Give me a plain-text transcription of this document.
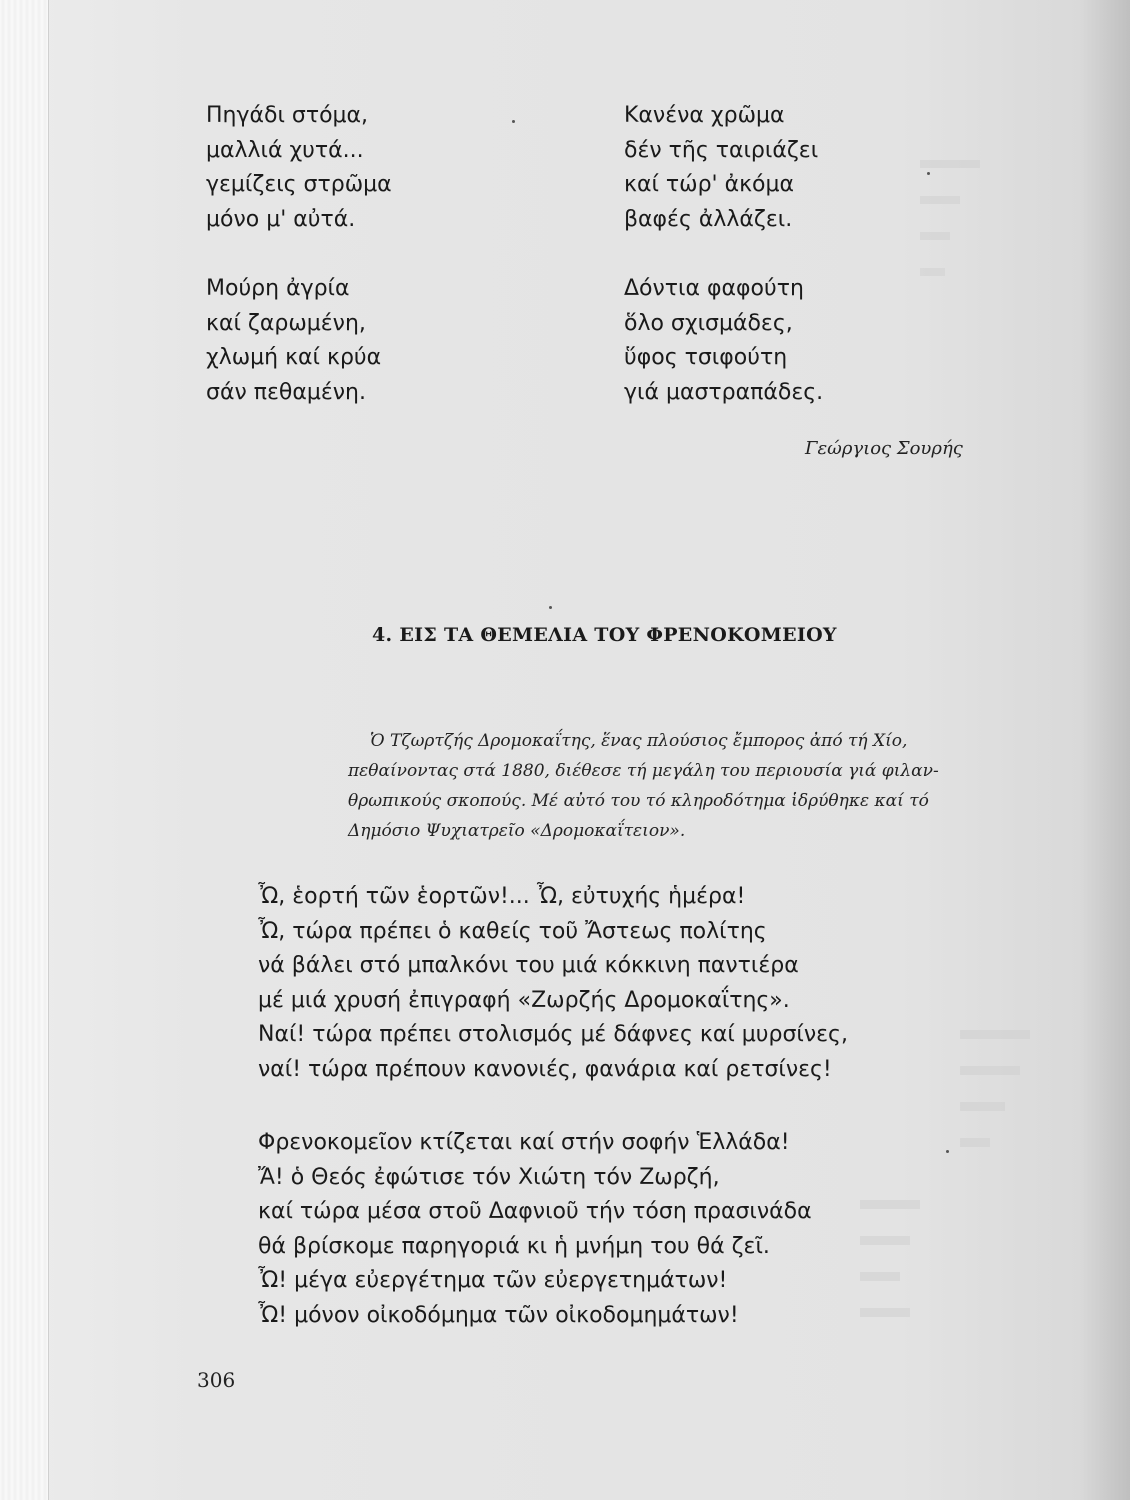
Πηγάδι στόμα,
μαλλιά χυτά...
γεμίζεις στρῶμα
μόνο μ' αὐτά.
Κανένα χρῶμα
δέν τῆς ταιριάζει
καί τώρ' ἀκόμα
βαφές ἀλλάζει.
Μούρη ἀγρία
καί ζαρωμένη,
χλωμή καί κρύα
σάν πεθαμένη.
Δόντια φαφούτη
ὅλο σχισμάδες,
ὕφος τσιφούτη
γιά μαστραπάδες.
Γεώργιος Σουρής
4. ΕΙΣ ΤΑ ΘΕΜΕΛΙΑ ΤΟΥ ΦΡΕΝΟΚΟΜΕΙΟΥ
Ὁ Τζωρτζής Δρομοκαΐτης, ἕνας πλούσιος ἔμπορος ἀπό τή Χίο,
πεθαίνοντας στά 1880, διέθεσε τή μεγάλη του περιουσία γιά φιλαν-
θρωπικούς σκοπούς. Μέ αὐτό του τό κληροδότημα ἱδρύθηκε καί τό
Δημόσιο Ψυχιατρεῖο «Δρομοκαΐτειον».
Ὦ, ἑορτή τῶν ἑορτῶν!... Ὦ, εὐτυχής ἡμέρα!
Ὦ, τώρα πρέπει ὁ καθείς τοῦ Ἄστεως πολίτης
νά βάλει στό μπαλκόνι του μιά κόκκινη παντιέρα
μέ μιά χρυσή ἐπιγραφή «Ζωρζής Δρομοκαΐτης».
Ναί! τώρα πρέπει στολισμός μέ δάφνες καί μυρσίνες,
ναί! τώρα πρέπουν κανονιές, φανάρια καί ρετσίνες!
Φρενοκομεῖον κτίζεται καί στήν σοφήν Ἑλλάδα!
Ἄ! ὁ Θεός ἐφώτισε τόν Χιώτη τόν Ζωρζή,
καί τώρα μέσα στοῦ Δαφνιοῦ τήν τόση πρασινάδα
θά βρίσκομε παρηγοριά κι ἡ μνήμη του θά ζεῖ.
Ὦ! μέγα εὐεργέτημα τῶν εὐεργετημάτων!
Ὦ! μόνον οἰκοδόμημα τῶν οἰκοδομημάτων!
306
